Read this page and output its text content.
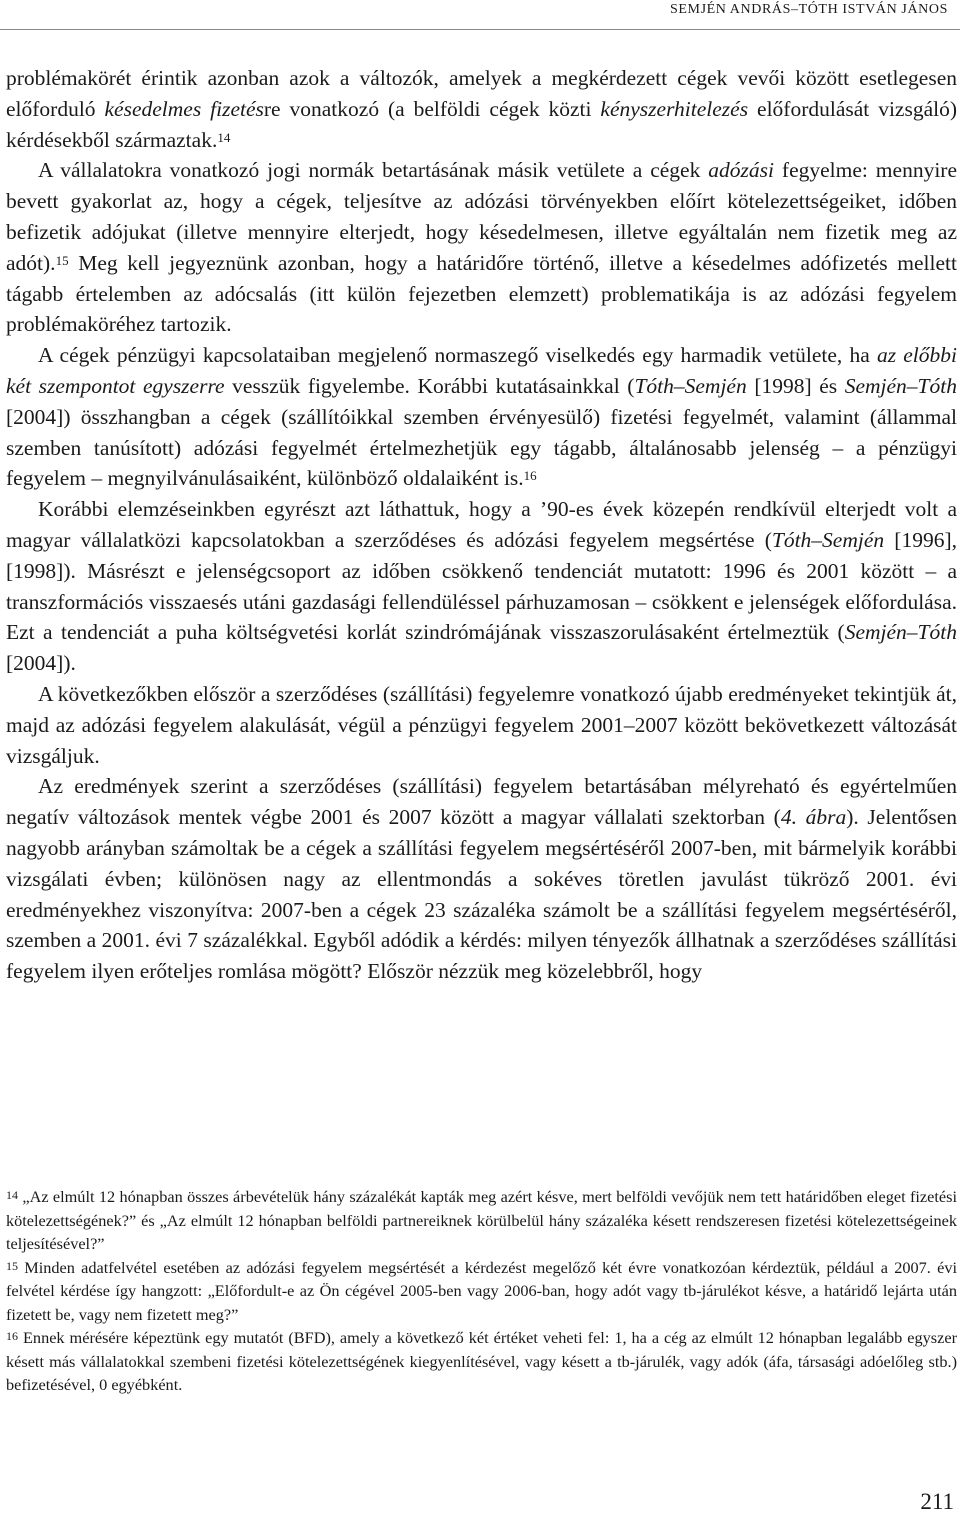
SEMJÉN ANDRÁS–TÓTH ISTVÁN JÁNOS

problémakörét érintik azonban azok a változók, amelyek a megkérdezett cégek vevői között esetlegesen előforduló késedelmes fizetésre vonatkozó (a belföldi cégek közti kényszerhitelezés előfordulását vizsgáló) kérdésekből származtak.$^{14}$

A vállalatokra vonatkozó jogi normák betartásának másik vetülete a cégek adózási fegyelme: mennyire bevett gyakorlat az, hogy a cégek, teljesítve az adózási törvényekben előírt kötelezettségeiket, időben befizetik adójukat (illetve mennyire elterjedt, hogy késedelmesen, illetve egyáltalán nem fizetik meg az adót).$^{15}$ Meg kell jegyeznünk azonban, hogy a határidőre történő, illetve a késedelmes adófizetés mellett tágabb értelemben az adócsalás (itt külön fejezetben elemzett) problematikája is az adózási fegyelem problémaköréhez tartozik.

A cégek pénzügyi kapcsolataiban megjelenő normaszegő viselkedés egy harmadik vetülete, ha az előbbi két szempontot egyszerre vesszük figyelembe. Korábbi kutatásainkkal (Tóth–Semjén [1998] és Semjén–Tóth [2004]) összhangban a cégek (szállítóikkal szemben érvényesülő) fizetési fegyelmét, valamint (állammal szemben tanúsított) adózási fegyelmét értelmezhetjük egy tágabb, általánosabb jelenség – a pénzügyi fegyelem – megnyilvánulásaiként, különböző oldalaiként is.$^{16}$

Korábbi elemzéseinkben egyrészt azt láthattuk, hogy a ’90-es évek közepén rendkívül elterjedt volt a magyar vállalatközi kapcsolatokban a szerződéses és adózási fegyelem megsértése (Tóth–Semjén [1996], [1998]). Másrészt e jelenségcsoport az időben csökkenő tendenciát mutatott: 1996 és 2001 között – a transzformációs visszaesés utáni gazdasági fellendüléssel párhuzamosan – csökkent e jelenségek előfordulása. Ezt a tendenciát a puha költségvetési korlát szindrómájának visszaszorulásaként értelmeztük (Semjén–Tóth [2004]).

A következőkben először a szerződéses (szállítási) fegyelemre vonatkozó újabb eredményeket tekintjük át, majd az adózási fegyelem alakulását, végül a pénzügyi fegyelem 2001–2007 között bekövetkezett változását vizsgáljuk.

Az eredmények szerint a szerződéses (szállítási) fegyelem betartásában mélyreható és egyértelműen negatív változások mentek végbe 2001 és 2007 között a magyar vállalati szektorban (4. ábra). Jelentősen nagyobb arányban számoltak be a cégek a szállítási fegyelem megsértéséről 2007-ben, mit bármelyik korábbi vizsgálati évben; különösen nagy az ellentmondás a sokéves töretlen javulást tükröző 2001. évi eredményekhez viszonyítva: 2007-ben a cégek 23 százaléka számolt be a szállítási fegyelem megsértéséről, szemben a 2001. évi 7 százalékkal. Egyből adódik a kérdés: milyen tényezők állhatnak a szerződéses szállítási fegyelem ilyen erőteljes romlása mögött? Először nézzük meg közelebbről, hogy

$^{14}$ „Az elmúlt 12 hónapban összes árbevételük hány százalékát kapták meg azért késve, mert belföldi vevőjük nem tett határidőben eleget fizetési kötelezettségének?” és „Az elmúlt 12 hónapban belföldi partnereiknek körülbelül hány százaléka késett rendszeresen fizetési kötelezettségeinek teljesítésével?”

$^{15}$ Minden adatfelvétel esetében az adózási fegyelem megsértését a kérdezést megelőző két évre vonatkozóan kérdeztük, például a 2007. évi felvétel kérdése így hangzott: „Előfordult-e az Ön cégével 2005-ben vagy 2006-ban, hogy adót vagy tb-járulékot késve, a határidő lejárta után fizetett be, vagy nem fizetett meg?”

$^{16}$ Ennek mérésére képeztünk egy mutatót (BFD), amely a következő két értéket veheti fel: 1, ha a cég az elmúlt 12 hónapban legalább egyszer késett más vállalatokkal szembeni fizetési kötelezettségének kiegyenlítésével, vagy késett a tb-járulék, vagy adók (áfa, társasági adóelőleg stb.) befizetésével, 0 egyébként.

211
